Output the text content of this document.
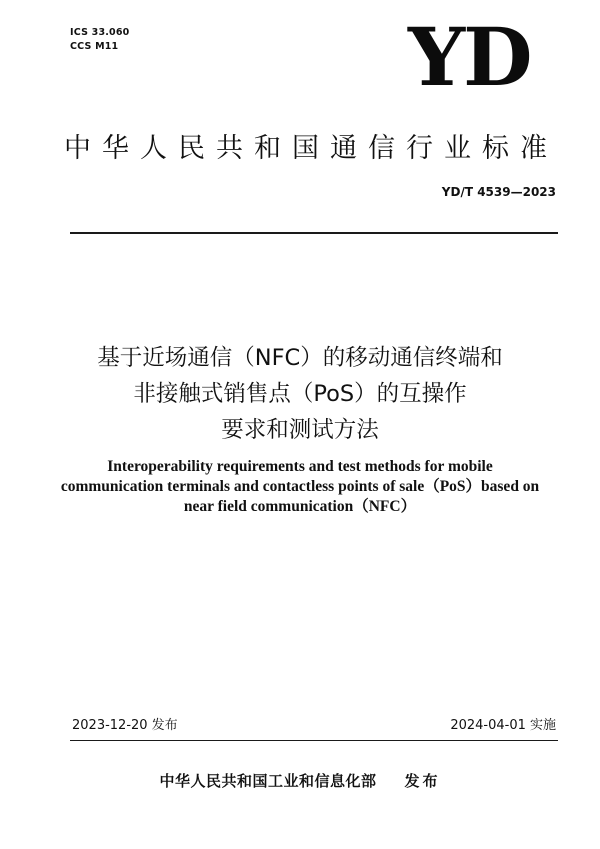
ICS 33.060
CCS M11	YD
中华人民共和国通信行业标准
YD/T 4539—2023
基于近场通信（NFC）的移动通信终端和
非接触式销售点（PoS）的互操作
要求和测试方法
Interoperability requirements and test methods for mobile
communication terminals and contactless points of sale（PoS）based on
near field communication（NFC）
2023-12-20 发布	2024-04-01 实施
中华人民共和国工业和信息化部 发布
